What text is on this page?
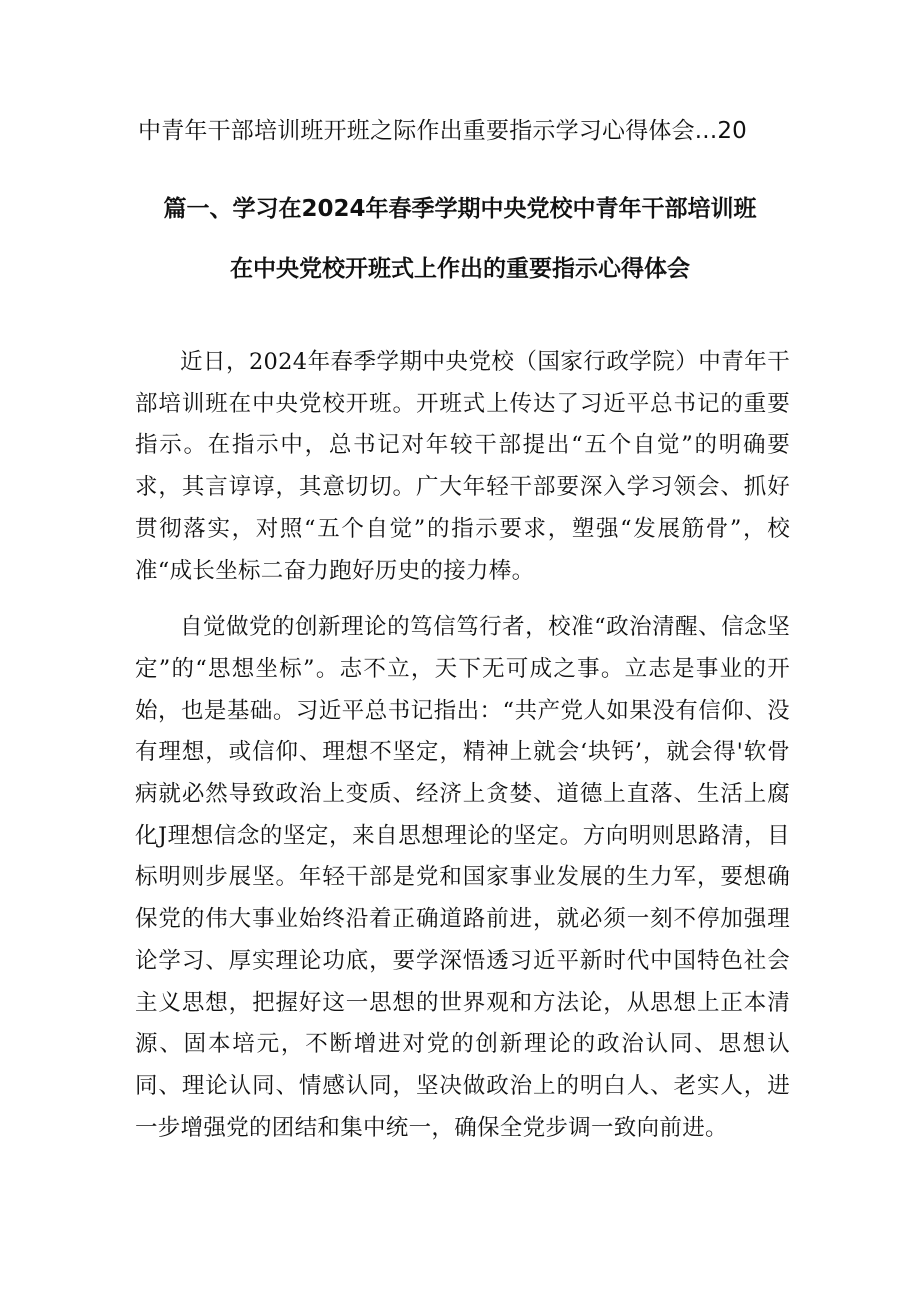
中青年干部培训班开班之际作出重要指示学习心得体会...20
篇一、学习在2024年春季学期中央党校中青年干部培训班
在中央党校开班式上作出的重要指示心得体会

近日，2024年春季学期中央党校（国家行政学院）中青年干部培训班在中央党校开班。开班式上传达了习近平总书记的重要指示。在指示中，总书记对年较干部提出“五个自觉”的明确要求，其言谆谆，其意切切。广大年轻干部要深入学习领会、抓好贯彻落实，对照“五个自觉”的指示要求，塑强“发展筋骨”，校准“成长坐标二奋力跑好历史的接力棒。

自觉做党的创新理论的笃信笃行者，校准“政治清醒、信念坚定”的“思想坐标”。志不立，天下无可成之事。立志是事业的开始，也是基础。习近平总书记指出：“共产党人如果没有信仰、没有理想，或信仰、理想不坚定，精神上就会‘块钙’，就会得'软骨病就必然导致政治上变质、经济上贪婪、道德上直落、生活上腐化J理想信念的坚定，来自思想理论的坚定。方向明则思路清，目标明则步展坚。年轻干部是党和国家事业发展的生力军，要想确保党的伟大事业始终沿着正确道路前进，就必须一刻不停加强理论学习、厚实理论功底，要学深悟透习近平新时代中国特色社会主义思想，把握好这一思想的世界观和方法论，从思想上正本清源、固本培元，不断增进对党的创新理论的政治认同、思想认同、理论认同、情感认同，坚决做政治上的明白人、老实人，进一步增强党的团结和集中统一，确保全党步调一致向前进。
